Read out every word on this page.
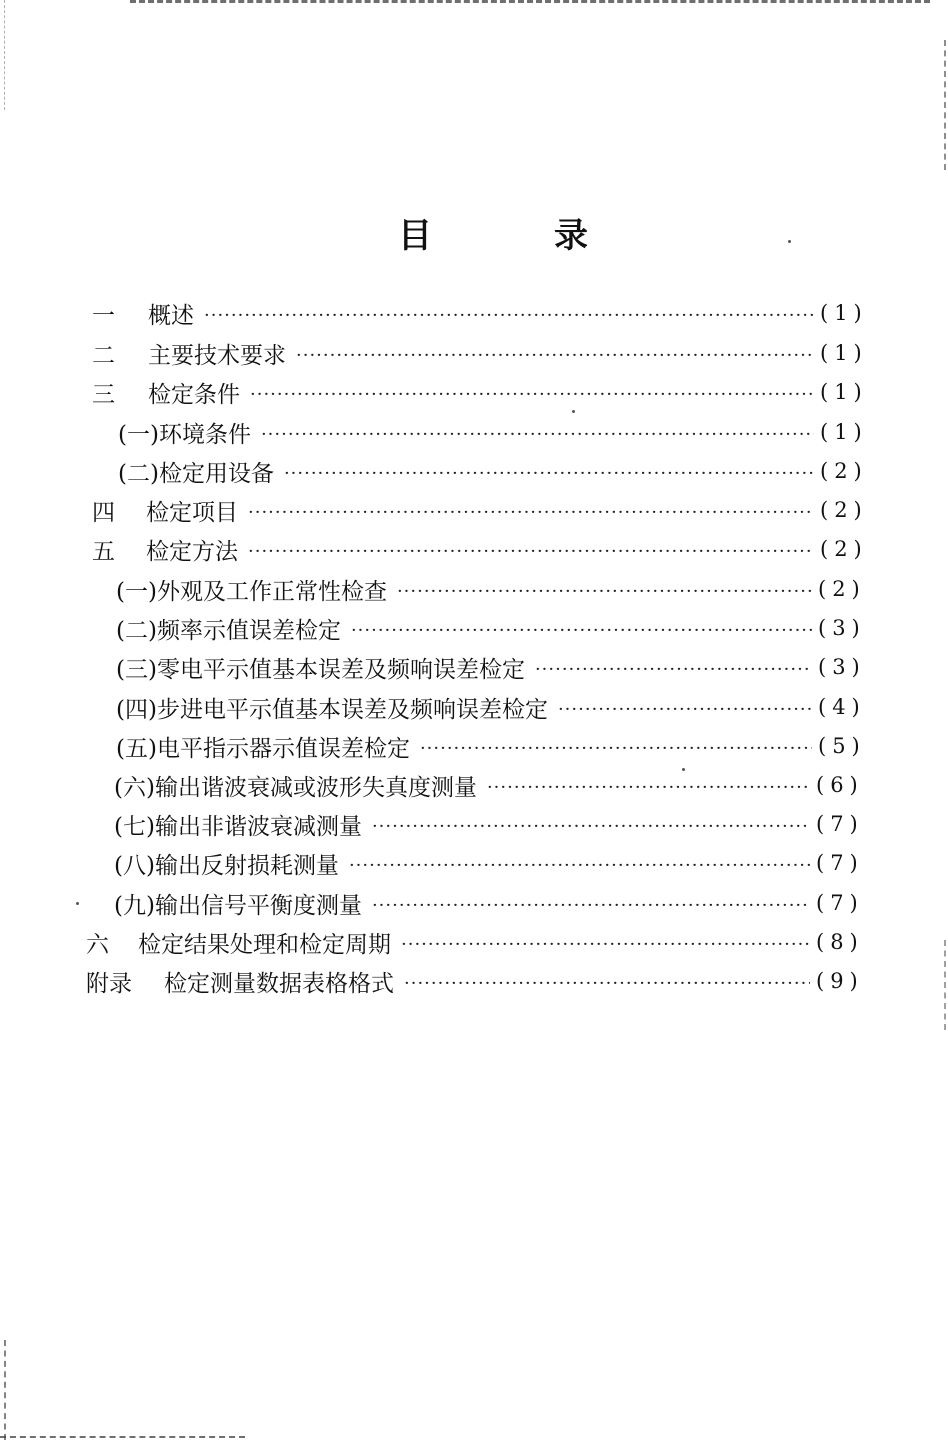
目	录
一	概述 ·····	(1)
二	主要技术要求 ·····	(1)
三	检定条件 ·····	(1)
(一)环境条件 ·····	(1)
(二)检定用设备 ·····	(2)
四	检定项目 ·····	(2)
五	检定方法 ·····	(2)
(一)外观及工作正常性检查 ·····	(2)
(二)频率示值误差检定 ·····	(3)
(三)零电平示值基本误差及频响误差检定 ·····	(3)
(四)步进电平示值基本误差及频响误差检定 ·····	(4)
(五)电平指示器示值误差检定 ·····	(5)
(六)输出谐波衰减或波形失真度测量 ·····	(6)
(七)输出非谐波衰减测量 ·····	(7)
(八)输出反射损耗测量 ·····	(7)
(九)输出信号平衡度测量 ·····	(7)
六	检定结果处理和检定周期 ·····	(8)
附录	检定测量数据表格格式 ·····	(9)
